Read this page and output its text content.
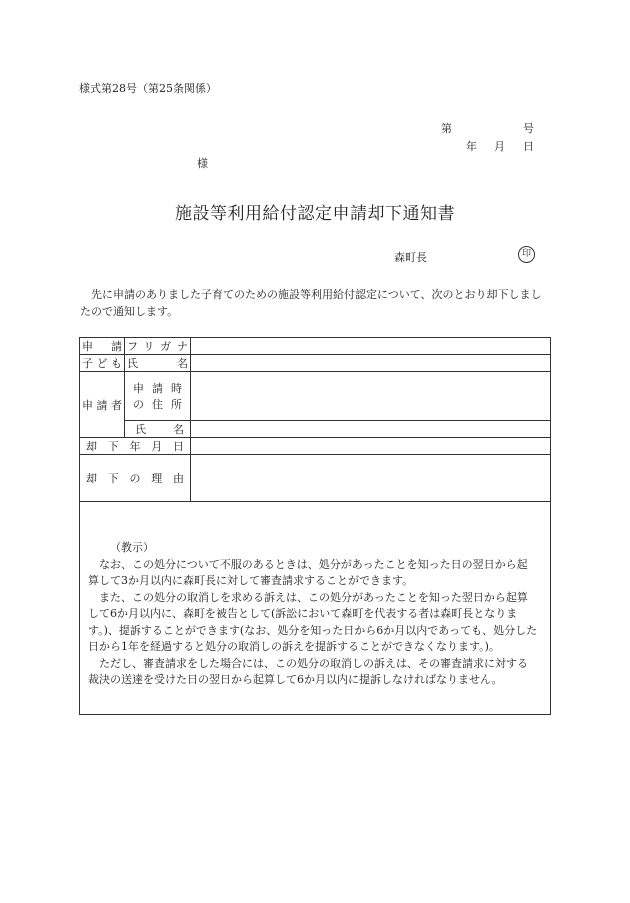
様式第28号（第25条関係）
第	号
年 月 日
様
施設等利用給付認定申請却下通知書
森町長	印
先に申請のありました子育てのための施設等利用給付認定について、次のとおり却下しましたので通知します。
申　請	フリガナ	
子ども	氏名	
申請者	申請時
の住所	

	氏名	
却下年月日		
却下の理由		

（教示）
なお、この処分について不服のあるときは、処分があったことを知った日の翌日から起算して3か月以内に森町長に対して審査請求することができます。
また、この処分の取消しを求める訴えは、この処分があったことを知った翌日から起算して6か月以内に、森町を被告として(訴訟において森町を代表する者は森町長となります。)、提訴することができます(なお、処分を知った日から6か月以内であっても、処分した日から1年を経過すると処分の取消しの訴えを提訴することができなくなります。)。
ただし、審査請求をした場合には、この処分の取消しの訴えは、その審査請求に対する裁決の送達を受けた日の翌日から起算して6か月以内に提訴しなければなりません。		
